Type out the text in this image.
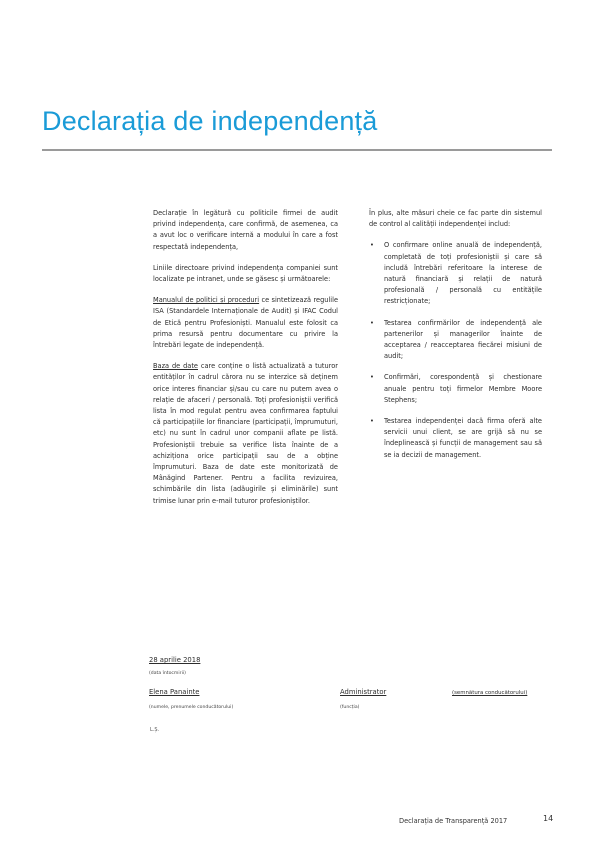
Declarația de independență

Declarație în legătură cu politicile firmei de audit privind independența, care confirmă, de asemenea, ca a avut loc o verificare internă a modului în care a fost respectată independența,

Liniile directoare privind independența companiei sunt localizate pe intranet, unde se găsesc și următoarele:

Manualul de politici și proceduri ce sintetizează regulile ISA (Standardele Internaționale de Audit) și IFAC Codul de Etică pentru Profesioniști. Manualul este folosit ca prima resursă pentru documentare cu privire la întrebări legate de independență.

Baza de date care conține o listă actualizată a tuturor entităților în cadrul cărora nu se interzice să deținem orice interes financiar și/sau cu care nu putem avea o relație de afaceri / personală. Toți profesioniștii verifică lista în mod regulat pentru avea confirmarea faptului că participațiile lor financiare (participații, împrumuturi, etc) nu sunt în cadrul unor companii aflate pe listă. Profesioniștii trebuie sa verifice lista înainte de a achiziționa orice participații sau de a obține împrumuturi. Baza de date este monitorizată de Mânăgind Partener. Pentru a facilita revizuirea, schimbările din lista (adăugirile și eliminările) sunt trimise lunar prin e-mail tuturor profesioniștilor.

În plus, alte măsuri cheie ce fac parte din sistemul de control al calității independenței includ:

• O confirmare online anuală de independență, completată de toți profesioniștii și care să includă întrebări referitoare la interese de natură financiară și relații de natură profesională / personală cu entitățile restricționate;
• Testarea confirmărilor de independență ale partenerilor și managerilor înainte de acceptarea / reacceptarea fiecărei misiuni de audit;
• Confirmări, corespondență și chestionare anuale pentru toți firmelor Membre Moore Stephens;
• Testarea independenței dacă firma oferă alte servicii unui client, se are grijă să nu se îndeplinească și funcții de management sau să se ia decizii de management.
28 aprilie 2018
(data întocmirii)
Elena Panainte
(numele, prenumele conducătorului)
Administrator
(funcția)
(semnătura conducătorului)
L.Ș.
Declarația de Transparență 2017	14
